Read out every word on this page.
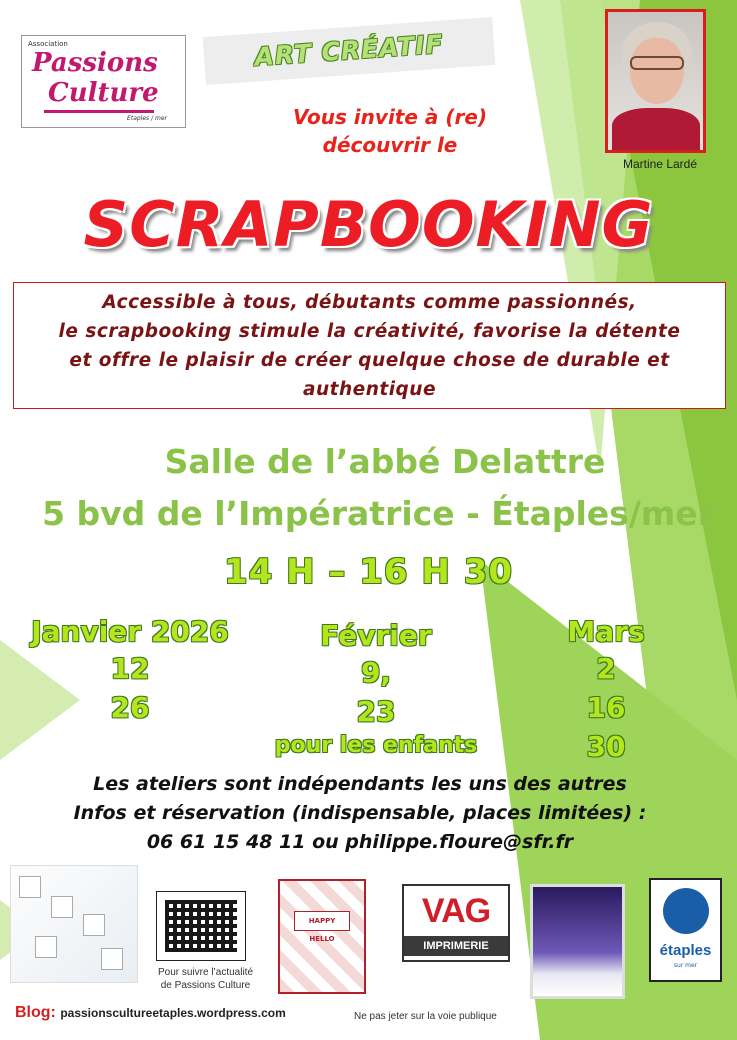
Association
Passions
Culture
Etaples / mer
ART CRÉATIF
Vous invite à (re)
découvrir le
Martine Lardé
SCRAPBOOKING

Accessible à tous, débutants comme passionnés,
le scrapbooking stimule la créativité, favorise la détente
et offre le plaisir de créer quelque chose de durable et
authentique

Salle de l’abbé Delattre
5 bvd de l’Impératrice - Étaples/mer
14 H – 16 H 30
Janvier 2026
12
26
Février
9,
23
pour les enfants
Mars
2
16
30
Les ateliers sont indépendants les uns des autres
Infos et réservation (indispensable, places limitées) :
06 61 15 48 11 ou philippe.floure@sfr.fr
Pour suivre l’actualité
de Passions Culture
HAPPY HELLO
VAG
IMPRIMERIE	étaples
sur mer
Blog: passionscultureetaples.wordpress.com	Ne pas jeter sur la voie publique
